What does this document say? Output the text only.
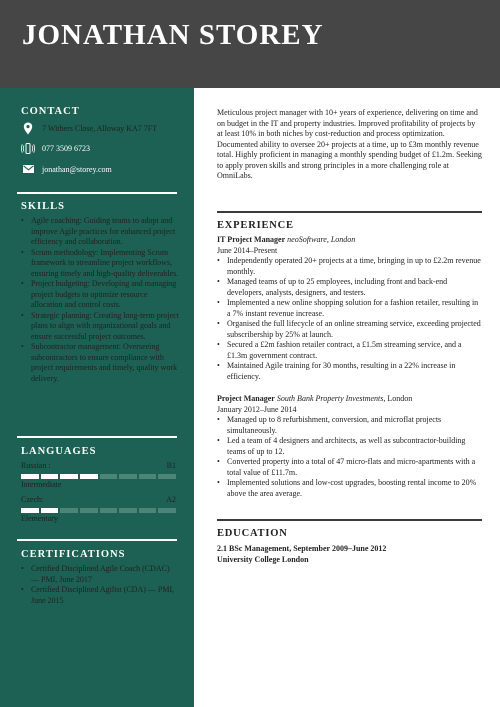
JONATHAN STOREY
CONTACT
7 Withers Close, Alloway KA7 7FT
077 3509 6723
jonathan@storey.com
SKILLS
• Agile coaching: Guiding teams to adopt and improve Agile practices for enhanced project efficiency and collaboration.
• Scrum methodology: Implementing Scrum framework to streamline project workflows, ensuring timely and high-quality deliverables.
• Project budgeting: Developing and managing project budgets to optimize resource allocation and control costs.
• Strategic planning: Creating long-term project plans to align with organizational goals and ensure successful project outcomes.
• Subcontractor management: Overseeing subcontractors to ensure compliance with project requirements and timely, quality work delivery.
LANGUAGES
Russian :	B1
Intermediate
Czech:	A2
Elementary
CERTIFICATIONS
• Certified Disciplined Agile Coach (CDAC) — PMI, June 2017
• Certified Disciplined Agilist (CDA) — PMI, June 2015
Meticulous project manager with 10+ years of experience, delivering on time and on budget in the IT and property industries. Improved profitability of projects by at least 10% in both niches by cost-reduction and process optimization. Documented ability to oversee 20+ projects at a time, up to £3m monthly revenue total. Highly proficient in managing a monthly spending budget of £1.2m. Seeking to apply proven skills and strong principles in a more challenging role at OmniLabs.
EXPERIENCE
IT Project Manager neoSoftware, London
June 2014–Present
• Independently operated 20+ projects at a time, bringing in up to £2.2m revenue monthly.
• Managed teams of up to 25 employees, including front and back-end developers, analysts, designers, and testers.
• Implemented a new online shopping solution for a fashion retailer, resulting in a 7% instant revenue increase.
• Organised the full lifecycle of an online streaming service, exceeding projected subscribership by 25% at launch.
• Secured a £2m fashion retailer contract, a £1.5m streaming service, and a £1.3m government contract.
• Maintained Agile training for 30 months, resulting in a 22% increase in efficiency.
Project Manager South Bank Property Investments, London
January 2012–June 2014
• Managed up to 8 refurbishment, conversion, and microflat projects simultaneously.
• Led a team of 4 designers and architects, as well as subcontractor-building teams of up to 12.
• Converted property into a total of 47 micro-flats and micro-apartments with a total value of £11.7m.
• Implemented solutions and low-cost upgrades, boosting rental income to 20% above the area average.
EDUCATION
2.1 BSc Management, September 2009–June 2012
University College London
